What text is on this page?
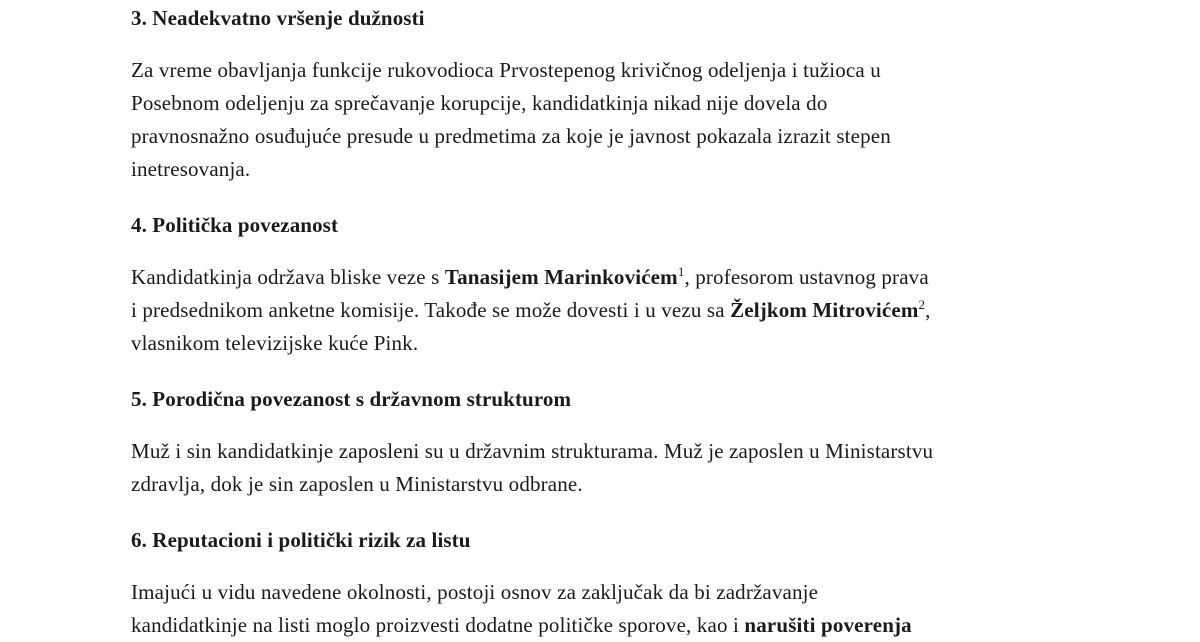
3. Neadekvatno vršenje dužnosti

Za vreme obavljanja funkcije rukovodioca Prvostepenog krivičnog odeljenja i tužioca u
Posebnom odeljenju za sprečavanje korupcije, kandidatkinja nikad nije dovela do
pravnosnažno osuđujuće presude u predmetima za koje je javnost pokazala izrazit stepen
inetresovanja.

4. Politička povezanost

Kandidatkinja održava bliske veze s Tanasijem Marinkovićem$^1$, profesorom ustavnog prava
i predsednikom anketne komisije. Takođe se može dovesti i u vezu sa Željkom Mitrovićem$^2$,
vlasnikom televizijske kuće Pink.

5. Porodična povezanost s državnom strukturom

Muž i sin kandidatkinje zaposleni su u državnim strukturama. Muž je zaposlen u Ministarstvu
zdravlja, dok je sin zaposlen u Ministarstvu odbrane.

6. Reputacioni i politički rizik za listu

Imajući u vidu navedene okolnosti, postoji osnov za zaključak da bi zadržavanje
kandidatkinje na listi moglo proizvesti dodatne političke sporove, kao i narušiti poverenja
